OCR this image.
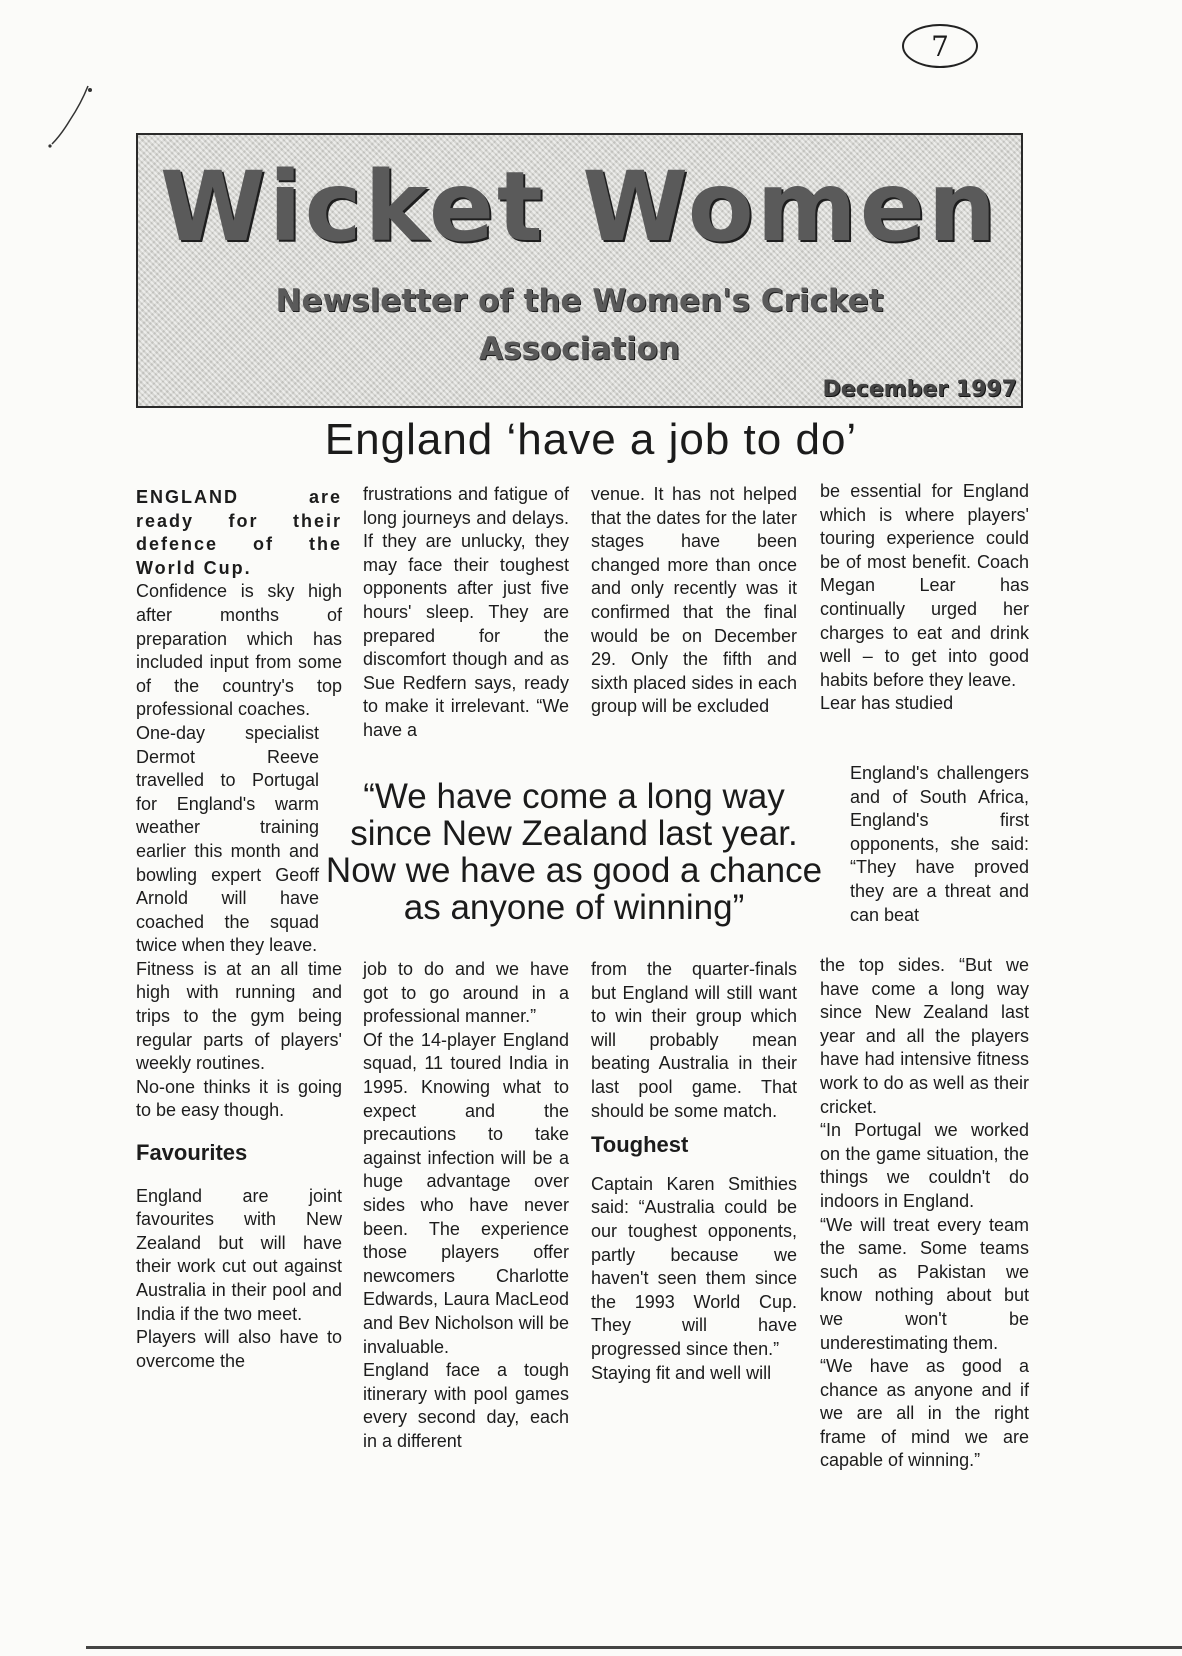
7
Wicket Women
Newsletter of the Women's Cricket Association
December 1997
England ‘have a job to do’

ENGLAND are ready for their defence of the World Cup.

Confidence is sky high after months of preparation which has included input from some of the country's top professional coaches.

One-day specialist Dermot Reeve travelled to Portugal for England's warm weather training earlier this month and bowling expert Geoff Arnold will have coached the squad twice when they leave.

Fitness is at an all time high with running and trips to the gym being regular parts of players' weekly routines.

No-one thinks it is going to be easy though.

Favourites

England are joint favourites with New Zealand but will have their work cut out against Australia in their pool and India if the two meet.

Players will also have to overcome the

frustrations and fatigue of long journeys and delays. If they are unlucky, they may face their toughest opponents after just five hours' sleep. They are prepared for the discomfort though and as Sue Redfern says, ready to make it irrelevant. “We have a

job to do and we have got to go around in a professional manner.”

Of the 14-player England squad, 11 toured India in 1995. Knowing what to expect and the precautions to take against infection will be a huge advantage over sides who have never been. The experience those players offer newcomers Charlotte Edwards, Laura MacLeod and Bev Nicholson will be invaluable.

England face a tough itinerary with pool games every second day, each in a different

venue. It has not helped that the dates for the later stages have been changed more than once and only recently was it confirmed that the final would be on December 29. Only the fifth and sixth placed sides in each group will be excluded

from the quarter-finals but England will still want to win their group which will probably mean beating Australia in their last pool game. That should be some match.

Toughest

Captain Karen Smithies said: “Australia could be our toughest opponents, partly because we haven't seen them since the 1993 World Cup. They will have progressed since then.”

Staying fit and well will

be essential for England which is where players' touring experience could be of most benefit. Coach Megan Lear has continually urged her charges to eat and drink well – to get into good habits before they leave.

Lear has studied

England's challengers and of South Africa, England's first opponents, she said: “They have proved they are a threat and can beat

the top sides. “But we have come a long way since New Zealand last year and all the players have had intensive fitness work to do as well as their cricket.

“In Portugal we worked on the game situation, the things we couldn't do indoors in England.

“We will treat every team the same. Some teams such as Pakistan we know nothing about but we won't be underestimating them.

“We have as good a chance as anyone and if we are all in the right frame of mind we are capable of winning.”

“We have come a long way since New Zealand last year. Now we have as good a chance as anyone of winning”
